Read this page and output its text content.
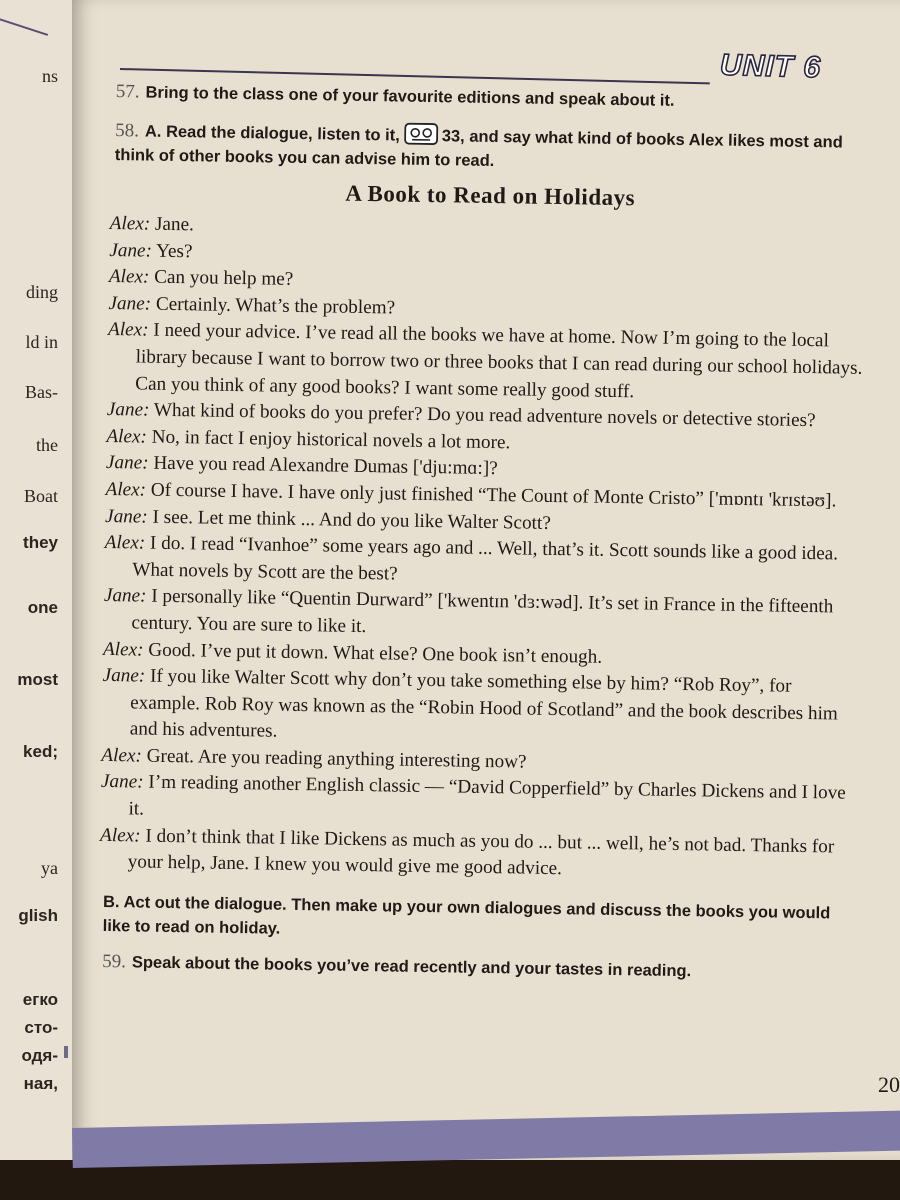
ns
ding
ld in
Bas-
the
Boat
they
one
most
ked;
ya
glish
егко
сто-
одя-
ная,
UNIT 6

57. Bring to the class one of your favourite editions and speak about it.

58. A. Read the dialogue, listen to it,	33, and say what kind of books Alex likes most and think of other books you can advise him to read.

A Book to Read on Holidays

Alex: Jane.

Jane: Yes?

Alex: Can you help me?

Jane: Certainly. What’s the problem?

Alex: I need your advice. I’ve read all the books we have at home. Now I’m going to the local library because I want to borrow two or three books that I can read during our school holidays. Can you think of any good books? I want some really good stuff.

Jane: What kind of books do you prefer? Do you read adventure novels or detective stories?

Alex: No, in fact I enjoy historical novels a lot more.

Jane: Have you read Alexandre Dumas ['dju:mɑ:]?

Alex: Of course I have. I have only just finished “The Count of Monte Cristo” ['mɒntɪ 'krɪstəʊ].

Jane: I see. Let me think ... And do you like Walter Scott?

Alex: I do. I read “Ivanhoe” some years ago and ... Well, that’s it. Scott sounds like a good idea. What novels by Scott are the best?

Jane: I personally like “Quentin Durward” ['kwentɪn 'dɜ:wəd]. It’s set in France in the fifteenth century. You are sure to like it.

Alex: Good. I’ve put it down. What else? One book isn’t enough.

Jane: If you like Walter Scott why don’t you take something else by him? “Rob Roy”, for example. Rob Roy was known as the “Robin Hood of Scotland” and the book describes him and his adventures.

Alex: Great. Are you reading anything interesting now?

Jane: I’m reading another English classic — “David Copperfield” by Charles Dickens and I love it.

Alex: I don’t think that I like Dickens as much as you do ... but ... well, he’s not bad. Thanks for your help, Jane. I knew you would give me good advice.

B. Act out the dialogue. Then make up your own dialogues and discuss the books you would like to read on holiday.

59. Speak about the books you’ve read recently and your tastes in reading.

20
